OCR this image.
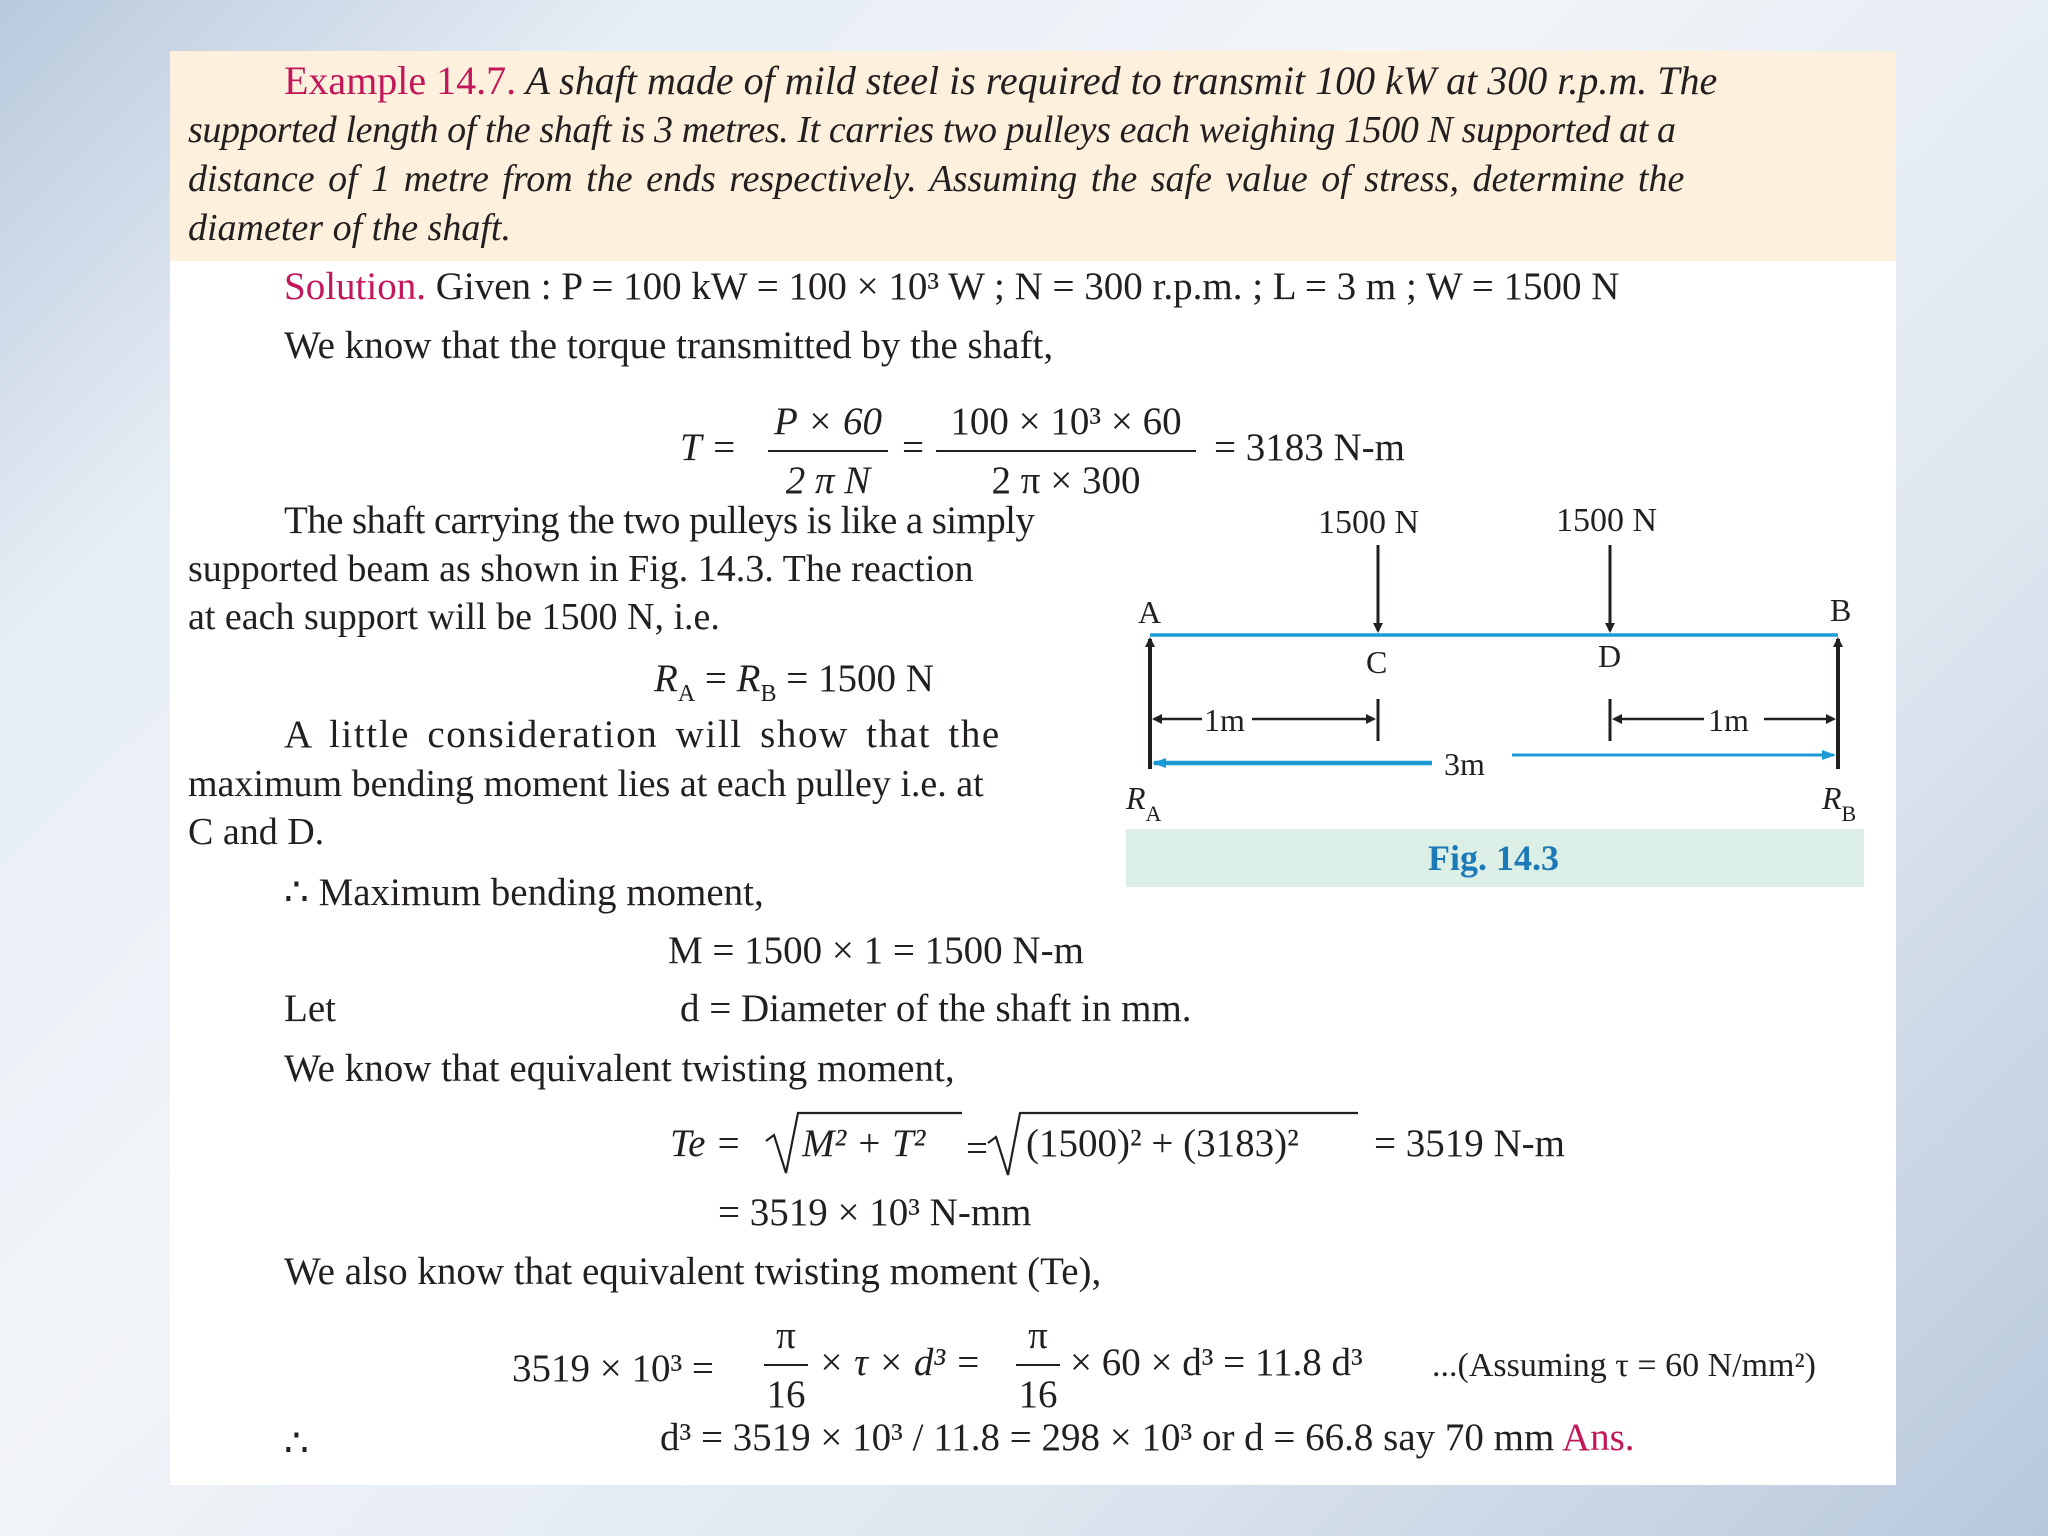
Example 14.7. A shaft made of mild steel is required to transmit 100 kW at 300 r.p.m. The
supported length of the shaft is 3 metres. It carries two pulleys each weighing 1500 N supported at a
distance of 1 metre from the ends respectively. Assuming the safe value of stress, determine the
diameter of the shaft.
Solution. Given : P = 100 kW = 100 × 10³ W ; N = 300 r.p.m. ; L = 3 m ; W = 1500 N
We know that the torque transmitted by the shaft,
$T = \frac{P \times 60}{\text{2 π N}} = \frac{\text{100 × 10³ × 60}}{2 \pi \times 300} = 3183$ N-m
The shaft carrying the two pulleys is like a simply
supported beam as shown in Fig. 14.3. The reaction
at each support will be 1500 N, i.e.
$R_A = R_B = 1500$ N
A little consideration will show that the
maximum bending moment lies at each pulley i.e. at
C and D.
∴ Maximum bending moment,
M = 1500 × 1 = 1500 N-m
Let	d = Diameter of the shaft in mm.
We know that equivalent twisting moment,
Te = M² + T² = (1500)² + (3183)² = 3519 N-m
= 3519 × 10³ N-mm
We also know that equivalent twisting moment (Te),
$3519 \times 10^3 = \frac{\pi}{16} \times \tau \times d^3 = \frac{\pi}{16} \times 60 \times d^3 = 11.8$ d³ ...(Assuming τ = 60 N/mm²)
∴	d³ = 3519 × 10³ / 11.8 = 298 × 10³ or d = 66.8 say 70 mm Ans.
Fig. 14.3
1500 N	1500 N
A	B
C	D
1m	1m
3m
$R_A$	$R_B$
